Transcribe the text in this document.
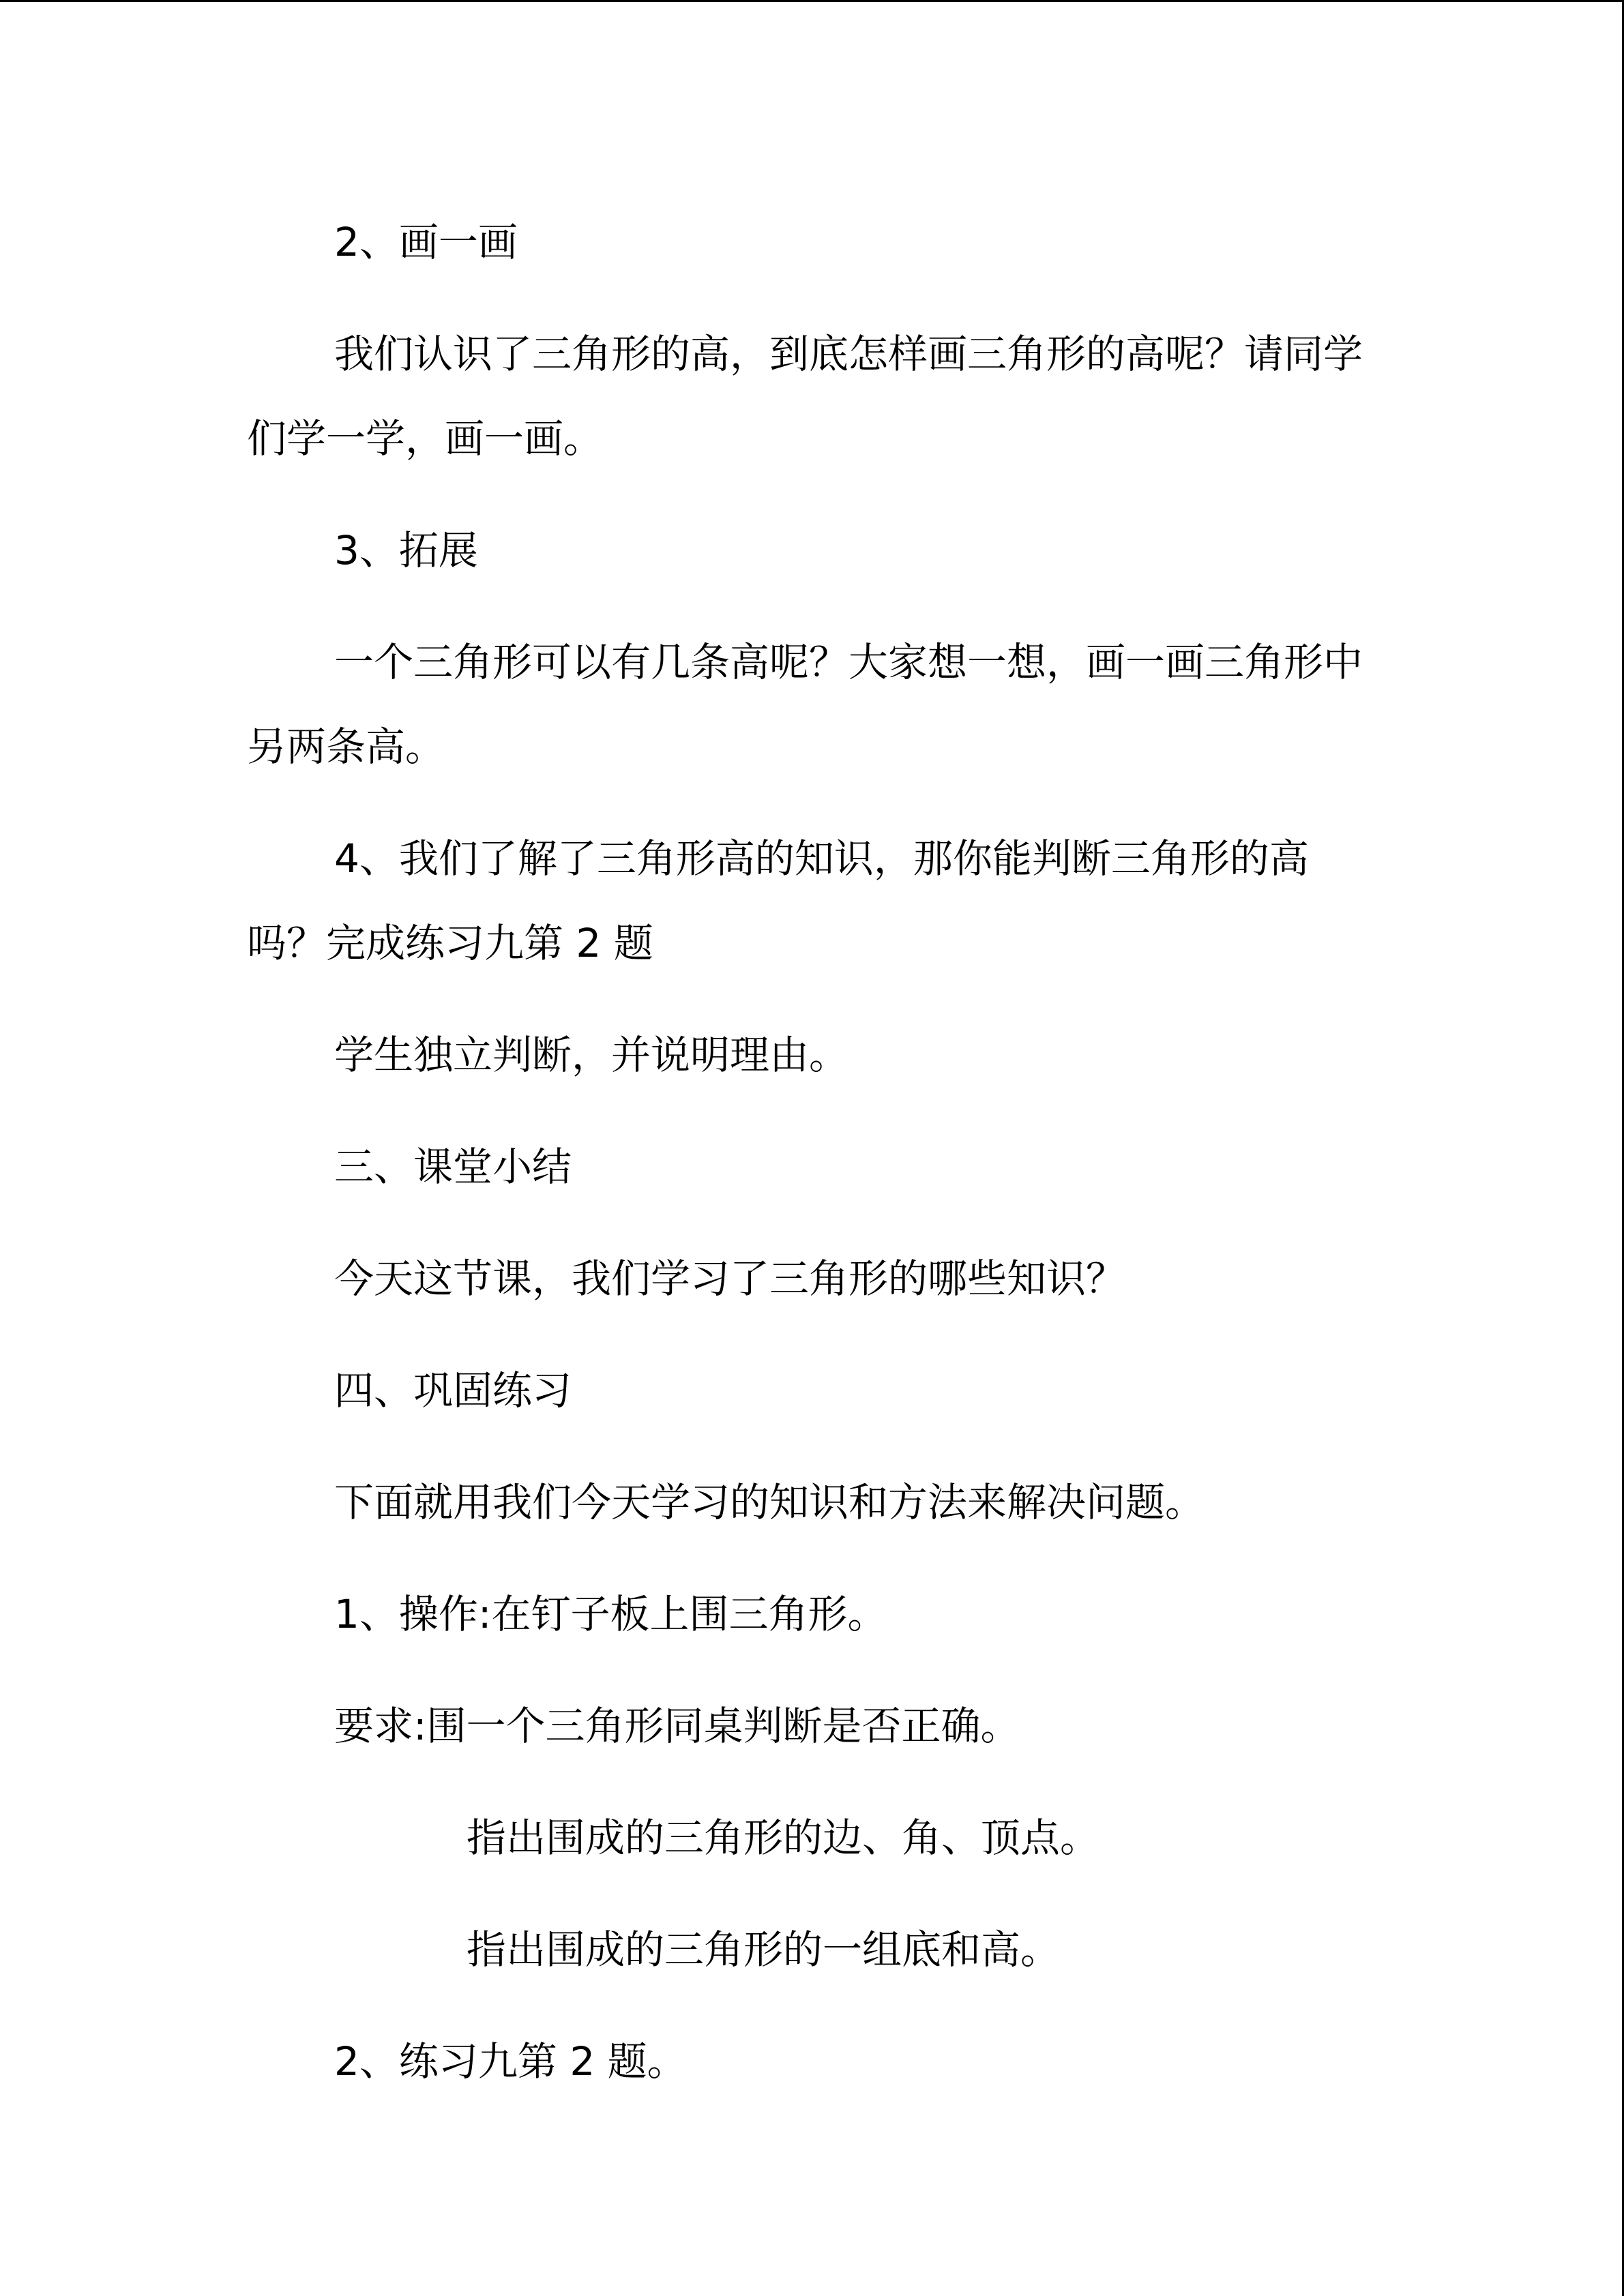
2、画一画

我们认识了三角形的高，到底怎样画三角形的高呢？请同学们学一学，画一画。

3、拓展

一个三角形可以有几条高呢？大家想一想，画一画三角形中另两条高。

4、我们了解了三角形高的知识，那你能判断三角形的高吗？完成练习九第 2 题

学生独立判断，并说明理由。

三、课堂小结

今天这节课，我们学习了三角形的哪些知识？

四、巩固练习

下面就用我们今天学习的知识和方法来解决问题。

1、操作:在钉子板上围三角形。

要求:围一个三角形同桌判断是否正确。

指出围成的三角形的边、角、顶点。

指出围成的三角形的一组底和高。

2、练习九第 2 题。
